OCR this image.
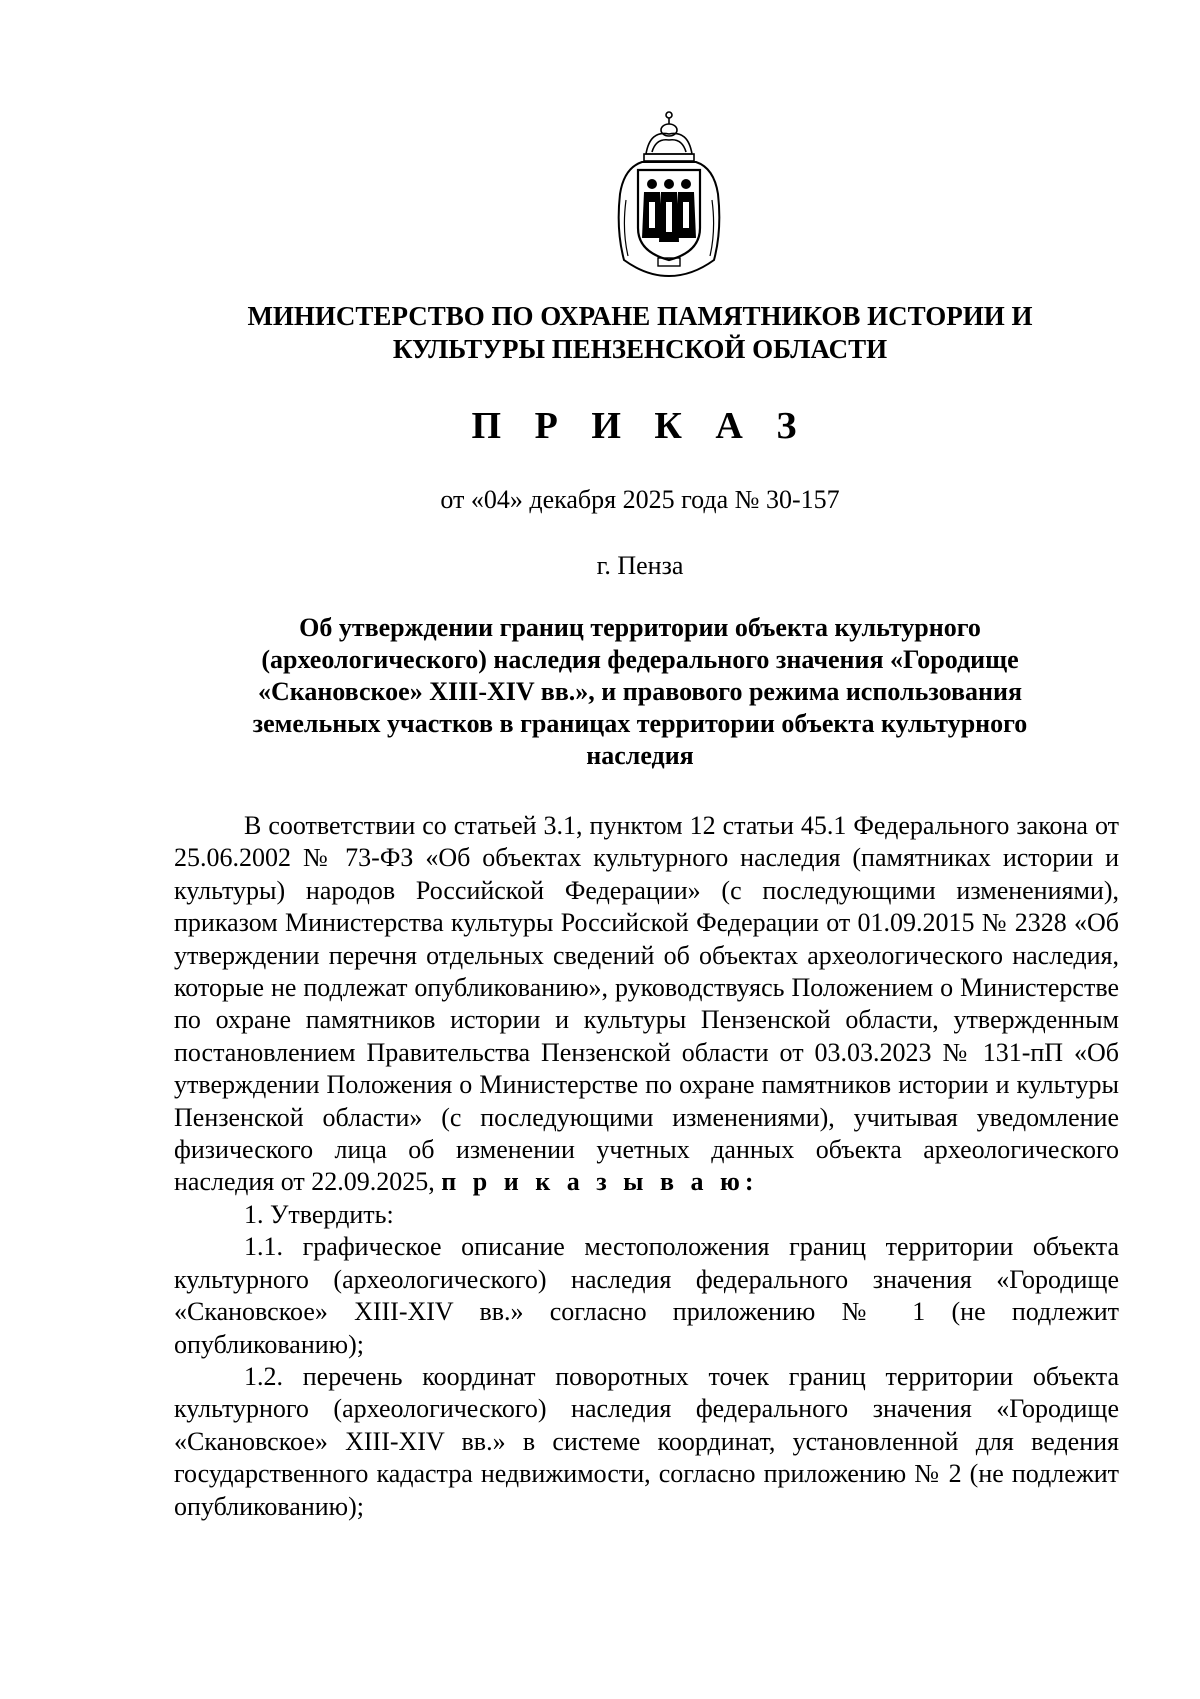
МИНИСТЕРСТВО ПО ОХРАНЕ ПАМЯТНИКОВ ИСТОРИИ И
КУЛЬТУРЫ ПЕНЗЕНСКОЙ ОБЛАСТИ

П Р И К А З

от «04» декабря 2025 года № 30-157

г. Пенза

Об утверждении границ территории объекта культурного
(археологического) наследия федерального значения «Городище
«Скановское» XIII-XIV вв.», и правового режима использования
земельных участков в границах территории объекта культурного
наследия

В соответствии со статьей 3.1, пунктом 12 статьи 45.1 Федерального закона от 25.06.2002 № 73-ФЗ «Об объектах культурного наследия (памятниках истории и культуры) народов Российской Федерации» (с последующими изменениями), приказом Министерства культуры Российской Федерации от 01.09.2015 № 2328 «Об утверждении перечня отдельных сведений об объектах археологического наследия, которые не подлежат опубликованию», руководствуясь Положением о Министерстве по охране памятников истории и культуры Пензенской области, утвержденным постановлением Правительства Пензенской области от 03.03.2023 № 131-пП «Об утверждении Положения о Министерстве по охране памятников истории и культуры Пензенской области» (с последующими изменениями), учитывая уведомление физического лица об изменении учетных данных объекта археологического наследия от 22.09.2025, п р и к а з ы в а ю:

1. Утвердить:

1.1. графическое описание местоположения границ территории объекта культурного (археологического) наследия федерального значения «Городище «Скановское» XIII-XIV вв.» согласно приложению № 1 (не подлежит опубликованию);

1.2. перечень координат поворотных точек границ территории объекта культурного (археологического) наследия федерального значения «Городище «Скановское» XIII-XIV вв.» в системе координат, установленной для ведения государственного кадастра недвижимости, согласно приложению № 2 (не подлежит опубликованию);
